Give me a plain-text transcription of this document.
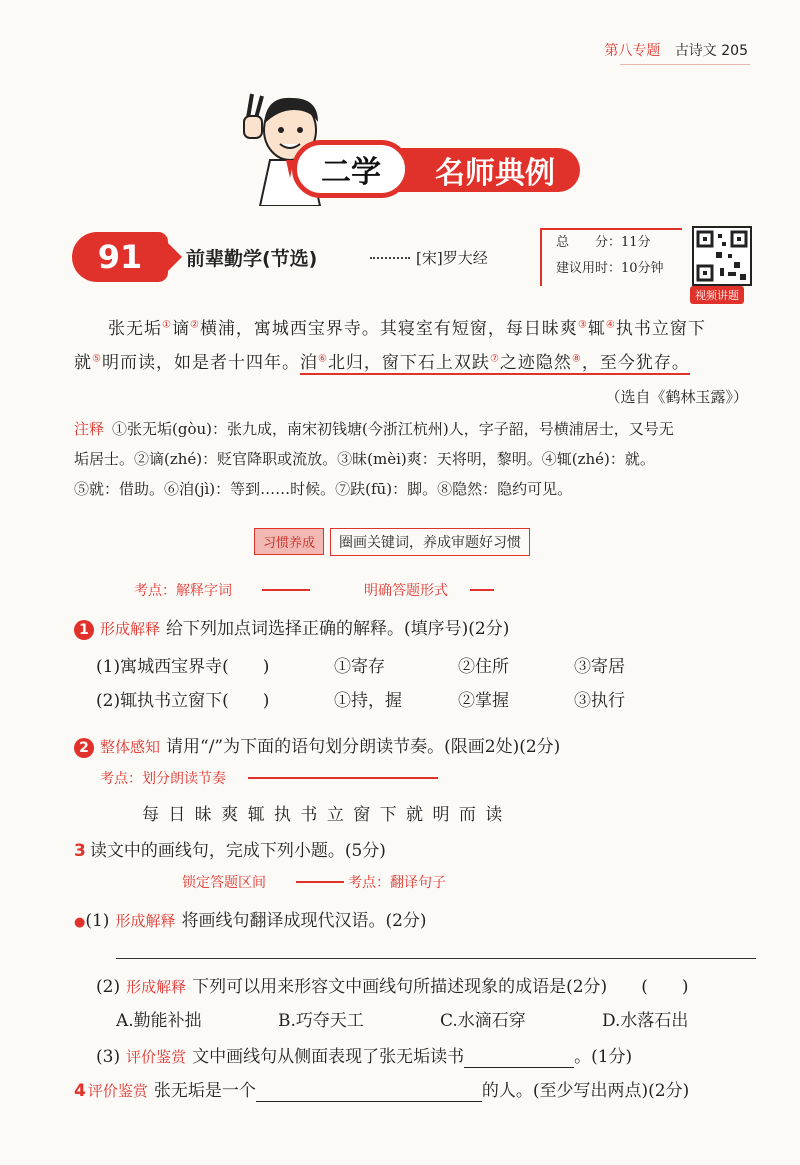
第八专题 古诗文 205
二学	名师典例
91	前辈勤学(节选)	[宋]罗大经
总　　分：11分
建议用时：10分钟
视频讲题
张无垢①谪②横浦，寓城西宝界寺。其寝室有短窗，每日昧爽③辄④执书立窗下
就⑤明而读，如是者十四年。洎⑥北归，窗下石上双趺⑦之迹隐然⑧，至今犹存。
（选自《鹤林玉露》）
注释 ①张无垢(gòu)：张九成，南宋初钱塘(今浙江杭州)人，字子韶，号横浦居士，又号无
垢居士。②谪(zhé)：贬官降职或流放。③昧(mèi)爽：天将明，黎明。④辄(zhé)：就。
⑤就：借助。⑥洎(jì)：等到……时候。⑦趺(fū)：脚。⑧隐然：隐约可见。
习惯养成 圈画关键词，养成审题好习惯
考点：解释字词	明确答题形式
1 形成解释 给下列加点词选择正确的解释。(填序号)(2分)
(1)寓城西宝界寺(　　)	①寄存	②住所	③寄居
(2)辄执书立窗下(　　)	①持，握	②掌握	③执行
2 整体感知 请用“/”为下面的语句划分朗读节奏。(限画2处)(2分)
考点：划分朗读节奏
每 日 昧 爽 辄 执 书 立 窗 下 就 明 而 读
3 读文中的画线句，完成下列小题。(5分)
锁定答题区间	考点：翻译句子
●(1) 形成解释 将画线句翻译成现代汉语。(2分)
(2) 形成解释 下列可以用来形容文中画线句所描述现象的成语是(2分)　　(　　)
A.勤能补拙	B.巧夺天工	C.水滴石穿	D.水落石出
(3) 评价鉴赏 文中画线句从侧面表现了张无垢读书	。(1分)
4 评价鉴赏 张无垢是一个	的人。(至少写出两点)(2分)
